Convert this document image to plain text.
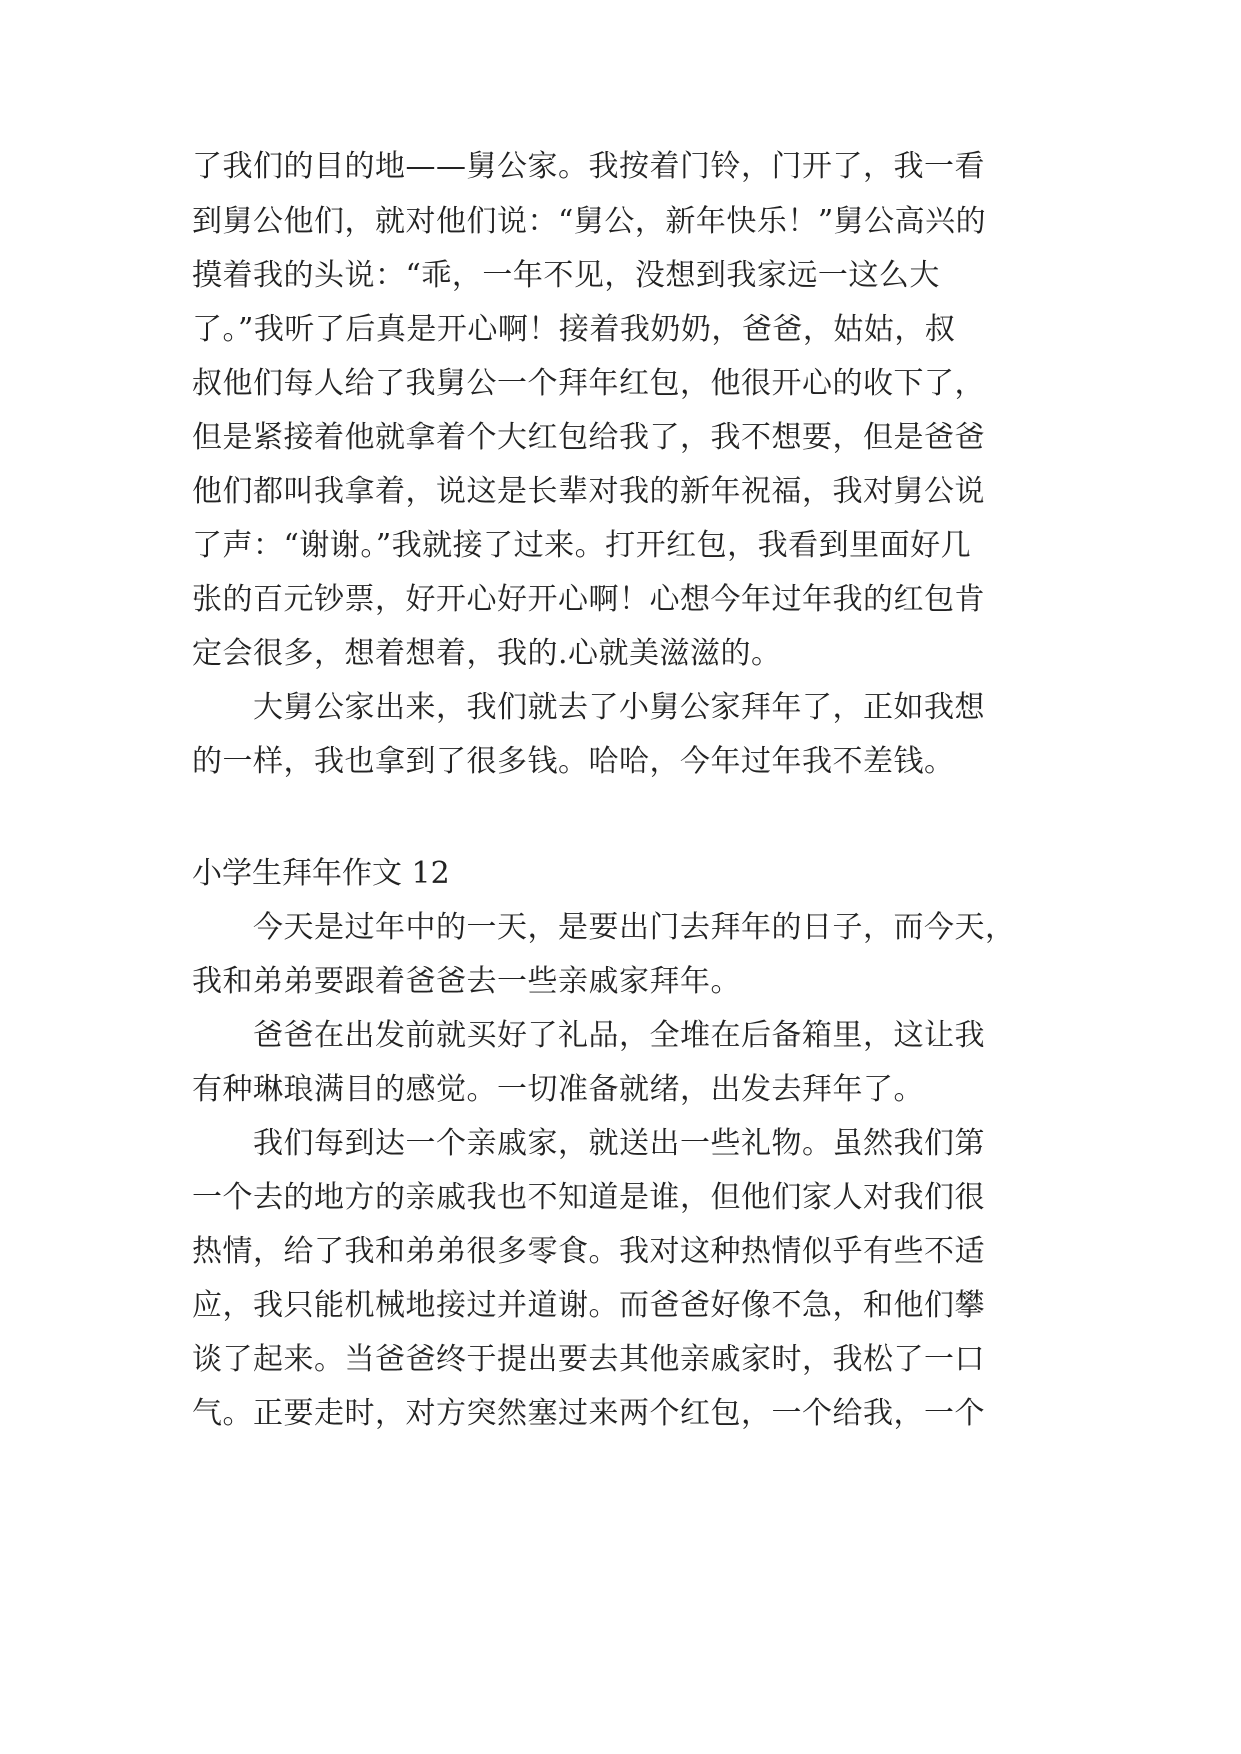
了我们的目的地——舅公家。我按着门铃，门开了，我一看
到舅公他们，就对他们说：“舅公，新年快乐！”舅公高兴的
摸着我的头说：“乖，一年不见，没想到我家远一这么大
了。”我听了后真是开心啊！接着我奶奶，爸爸，姑姑，叔
叔他们每人给了我舅公一个拜年红包，他很开心的收下了，
但是紧接着他就拿着个大红包给我了，我不想要，但是爸爸
他们都叫我拿着，说这是长辈对我的新年祝福，我对舅公说
了声：“谢谢。”我就接了过来。打开红包，我看到里面好几
张的百元钞票，好开心好开心啊！心想今年过年我的红包肯
定会很多，想着想着，我的.心就美滋滋的。
　　大舅公家出来，我们就去了小舅公家拜年了，正如我想
的一样，我也拿到了很多钱。哈哈，今年过年我不差钱。
小学生拜年作文 12
　　今天是过年中的一天，是要出门去拜年的日子，而今天，
我和弟弟要跟着爸爸去一些亲戚家拜年。
　　爸爸在出发前就买好了礼品，全堆在后备箱里，这让我
有种琳琅满目的感觉。一切准备就绪，出发去拜年了。
　　我们每到达一个亲戚家，就送出一些礼物。虽然我们第
一个去的地方的亲戚我也不知道是谁，但他们家人对我们很
热情，给了我和弟弟很多零食。我对这种热情似乎有些不适
应，我只能机械地接过并道谢。而爸爸好像不急，和他们攀
谈了起来。当爸爸终于提出要去其他亲戚家时，我松了一口
气。正要走时，对方突然塞过来两个红包，一个给我，一个
